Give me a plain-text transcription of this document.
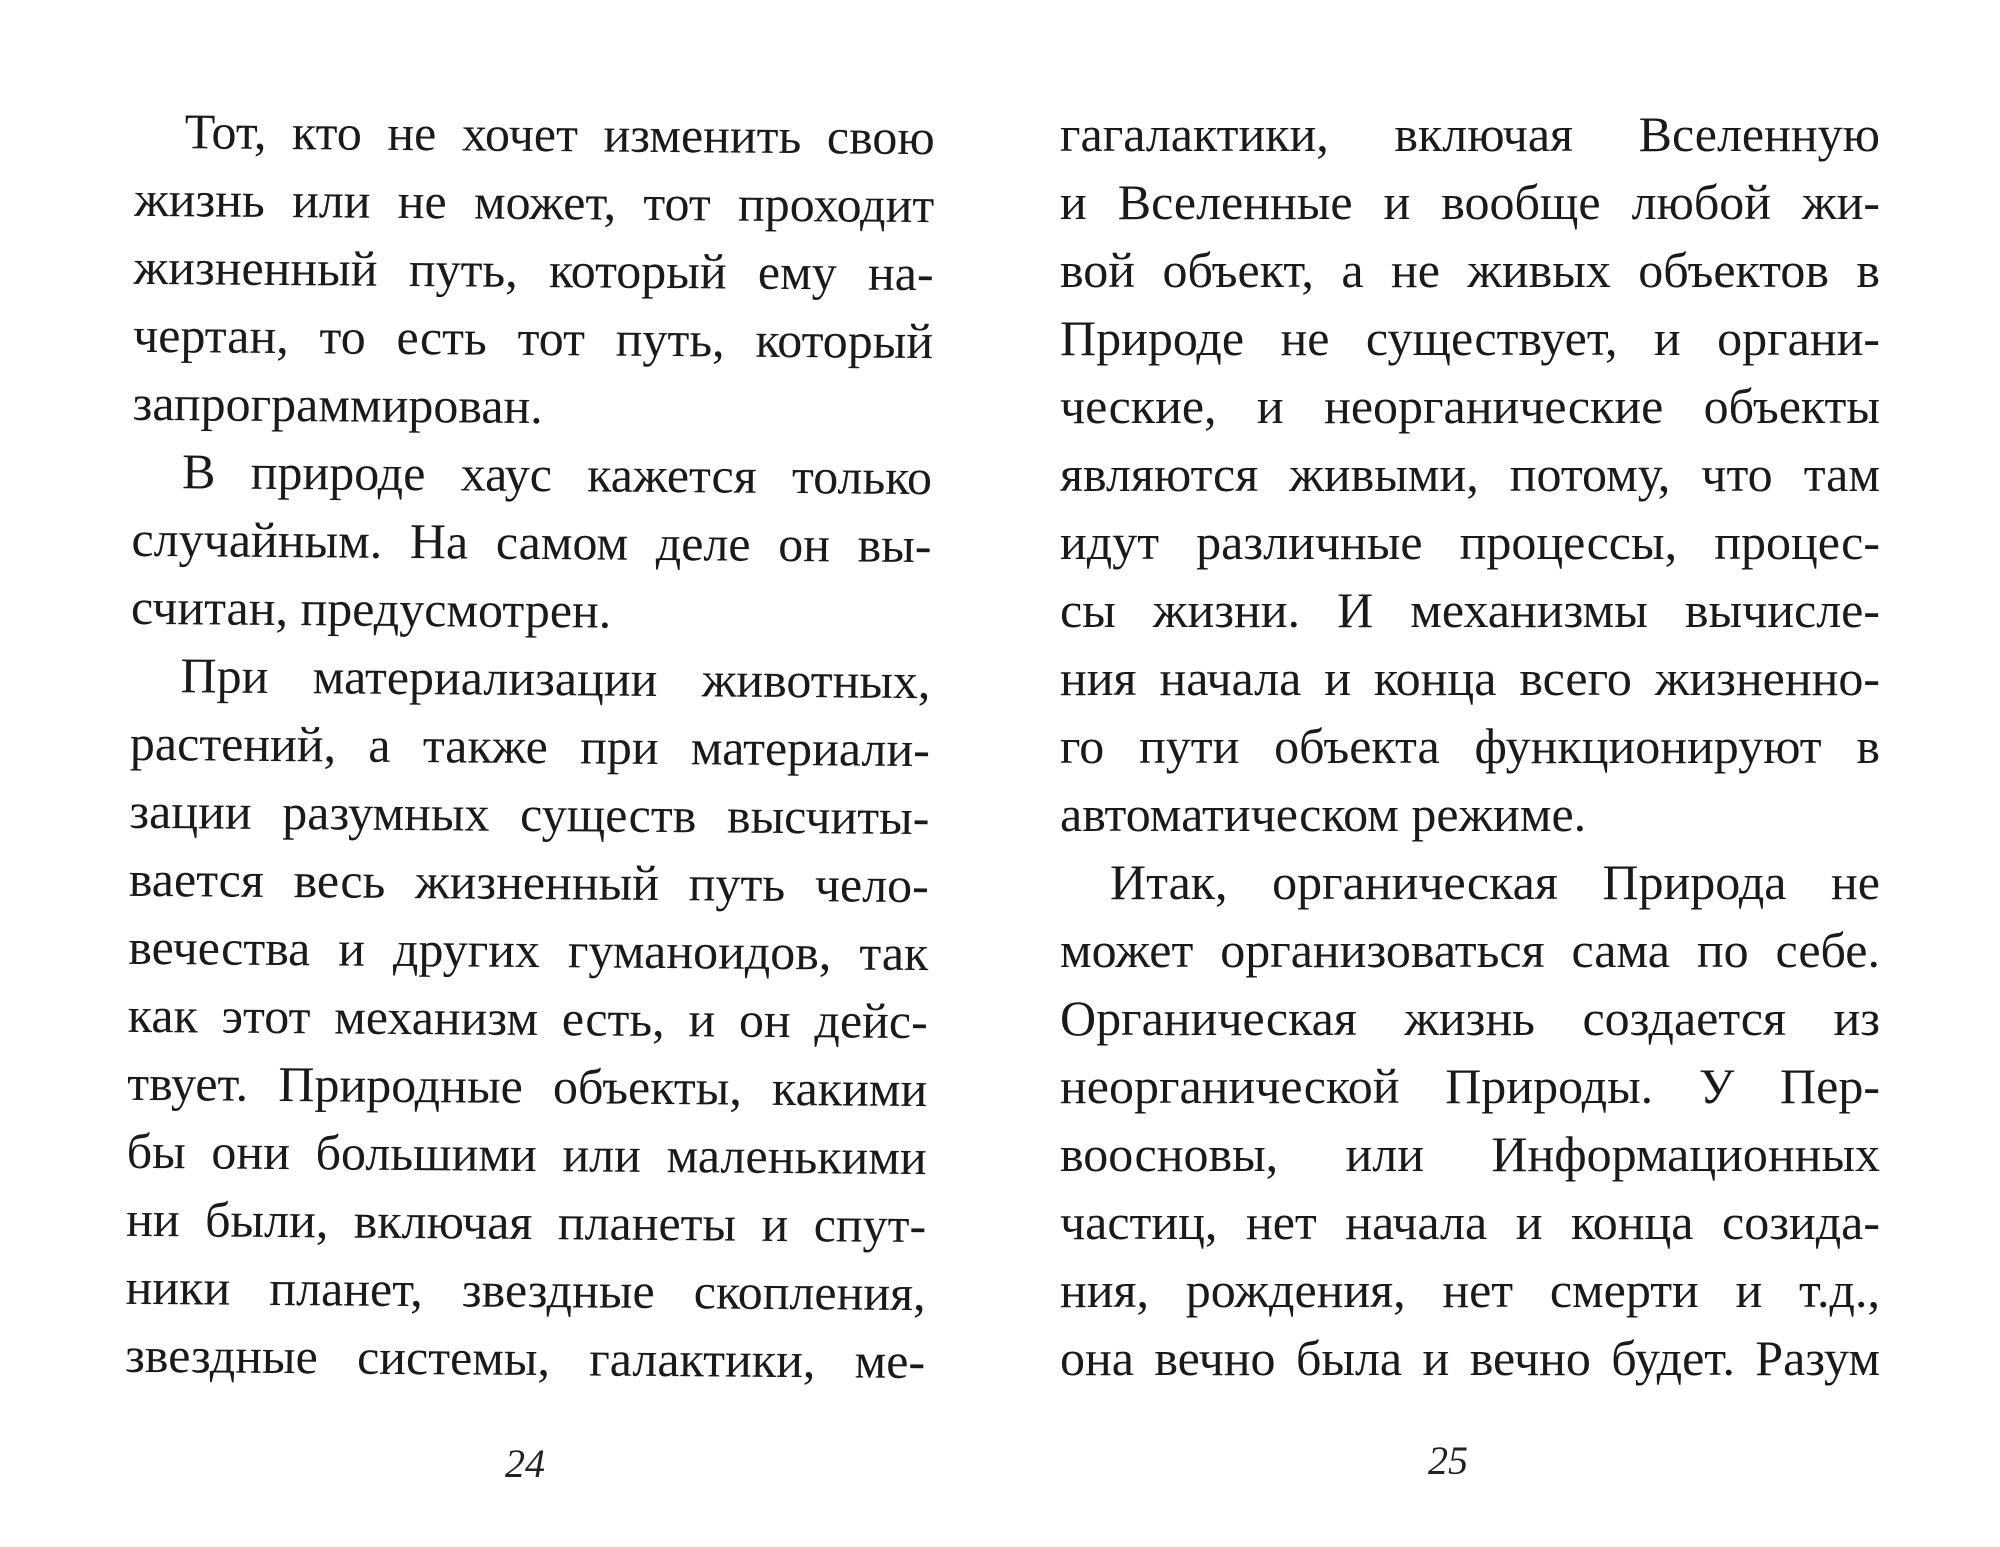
Тот, кто не хочет изменить свою
жизнь или не может, тот проходит
жизненный путь, который ему на-
чертан, то есть тот путь, который
запрограммирован.
В природе хаус кажется только
случайным. На самом деле он вы-
считан, предусмотрен.
При материализации животных,
растений, а также при материали-
зации разумных существ высчиты-
вается весь жизненный путь чело-
вечества и других гуманоидов, так
как этот механизм есть, и он дейс-
твует. Природные объекты, какими
бы они большими или маленькими
ни были, включая планеты и спут-
ники планет, звездные скопления,
звездные системы, галактики, ме-
гагалактики, включая Вселенную
и Вселенные и вообще любой жи-
вой объект, а не живых объектов в
Природе не существует, и органи-
ческие, и неорганические объекты
являются живыми, потому, что там
идут различные процессы, процес-
сы жизни. И механизмы вычисле-
ния начала и конца всего жизненно-
го пути объекта функционируют в
автоматическом режиме.
Итак, органическая Природа не
может организоваться сама по себе.
Органическая жизнь создается из
неорганической Природы. У Пер-
воосновы, или Информационных
частиц, нет начала и конца созида-
ния, рождения, нет смерти и т.д.,
она вечно была и вечно будет. Разум
24	25
